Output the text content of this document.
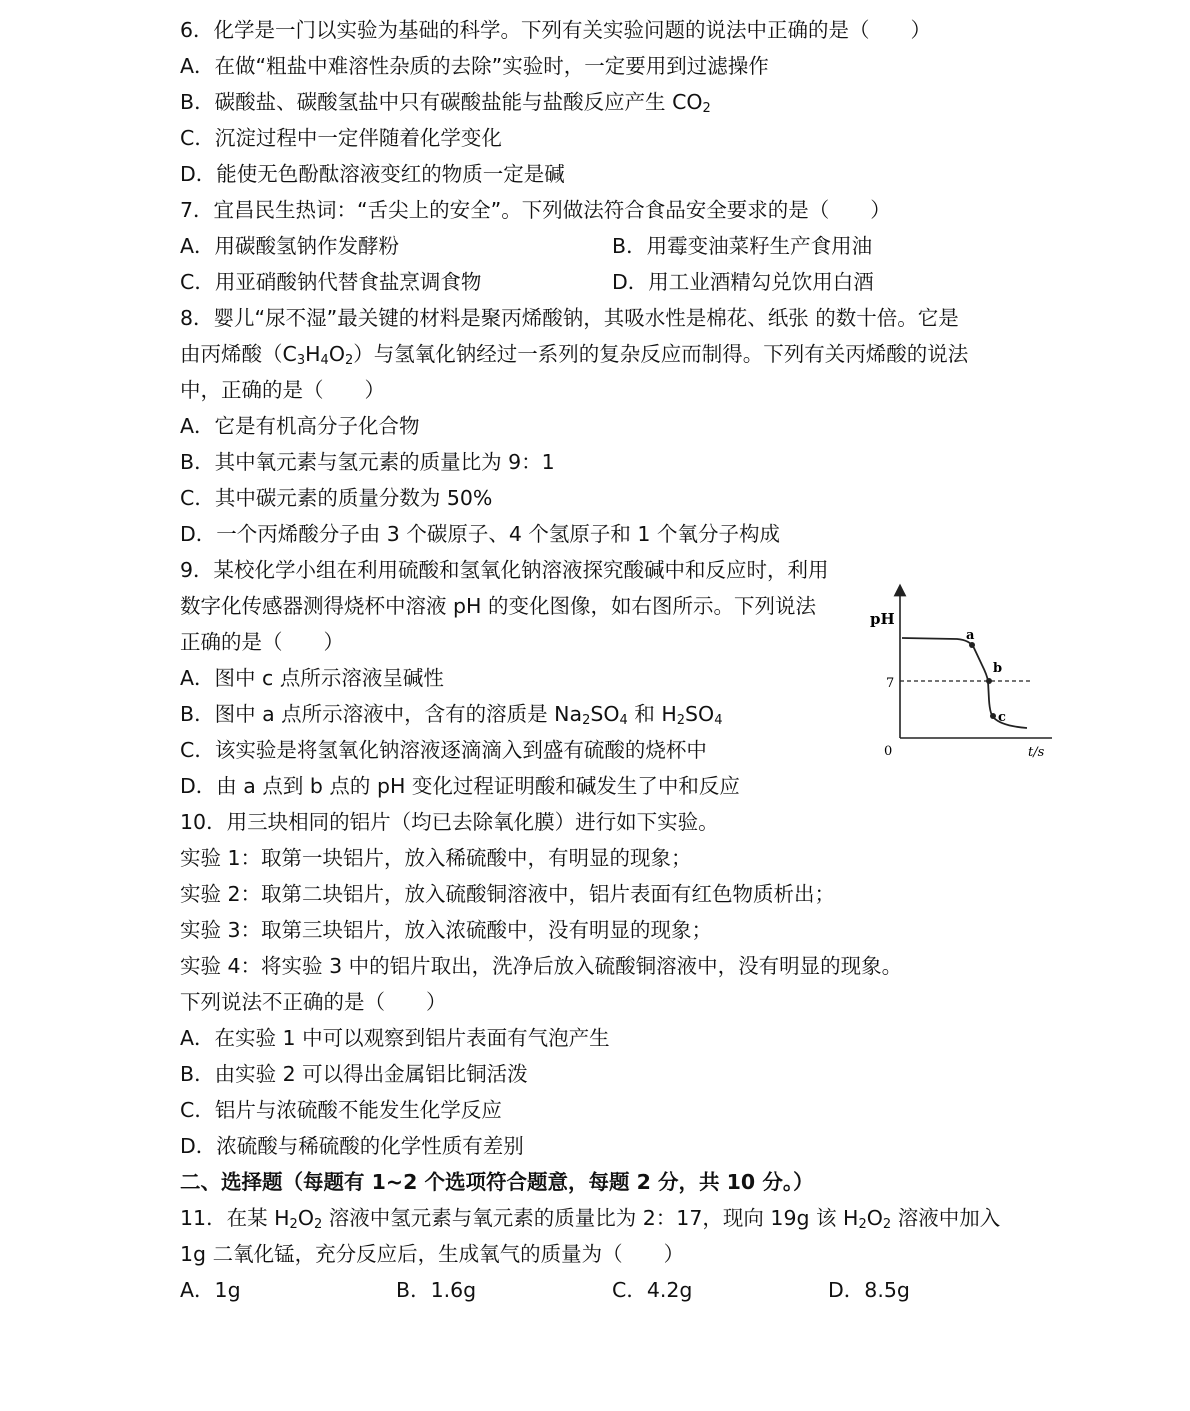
6．化学是一门以实验为基础的科学。下列有关实验问题的说法中正确的是（　　）
A．在做“粗盐中难溶性杂质的去除”实验时，一定要用到过滤操作
B．碳酸盐、碳酸氢盐中只有碳酸盐能与盐酸反应产生 $CO_2$
C．沉淀过程中一定伴随着化学变化
D．能使无色酚酞溶液变红的物质一定是碱
7．宜昌民生热词：“舌尖上的安全”。下列做法符合食品安全要求的是（　　）
A．用碳酸氢钠作发酵粉	B．用霉变油菜籽生产食用油
C．用亚硝酸钠代替食盐烹调食物	D．用工业酒精勾兑饮用白酒
8．婴儿“尿不湿”最关键的材料是聚丙烯酸钠，其吸水性是棉花、纸张 的数十倍。它是
由丙烯酸$(C_3H_4O_2)$与氢氧化钠经过一系列的复杂反应而制得。下列有关丙烯酸的说法
中，正确的是（　　）
A．它是有机高分子化合物
B．其中氧元素与氢元素的质量比为 9：1
C．其中碳元素的质量分数为 50%
D．一个丙烯酸分子由 3 个碳原子、4 个氢原子和 1 个氧分子构成
9．某校化学小组在利用硫酸和氢氧化钠溶液探究酸碱中和反应时，利用
数字化传感器测得烧杯中溶液 pH 的变化图像，如右图所示。下列说法
正确的是（　　）
A．图中 c 点所示溶液呈碱性
B．图中 a 点所示溶液中，含有的溶质是 $Na_2SO_4$ 和 $H_2SO_4$
C．该实验是将氢氧化钠溶液逐滴滴入到盛有硫酸的烧杯中
D．由 a 点到 b 点的 pH 变化过程证明酸和碱发生了中和反应
pH
7
0	t/s
a
b
c
10．用三块相同的铝片（均已去除氧化膜）进行如下实验。
实验 1：取第一块铝片，放入稀硫酸中，有明显的现象；
实验 2：取第二块铝片，放入硫酸铜溶液中，铝片表面有红色物质析出；
实验 3：取第三块铝片，放入浓硫酸中，没有明显的现象；
实验 4：将实验 3 中的铝片取出，洗净后放入硫酸铜溶液中，没有明显的现象。
下列说法不正确的是（　　）
A．在实验 1 中可以观察到铝片表面有气泡产生
B．由实验 2 可以得出金属铝比铜活泼
C．铝片与浓硫酸不能发生化学反应
D．浓硫酸与稀硫酸的化学性质有差别
二、选择题（每题有 1~2 个选项符合题意，每题 2 分，共 10 分。）
11．在某 $H_2O_2$ 溶液中氢元素与氧元素的质量比为 2：17，现向 19g 该 $H_2O_2$ 溶液中加入
1g 二氧化锰，充分反应后，生成氧气的质量为（　　）
A．1g	B．1.6g	C．4.2g	D．8.5g
